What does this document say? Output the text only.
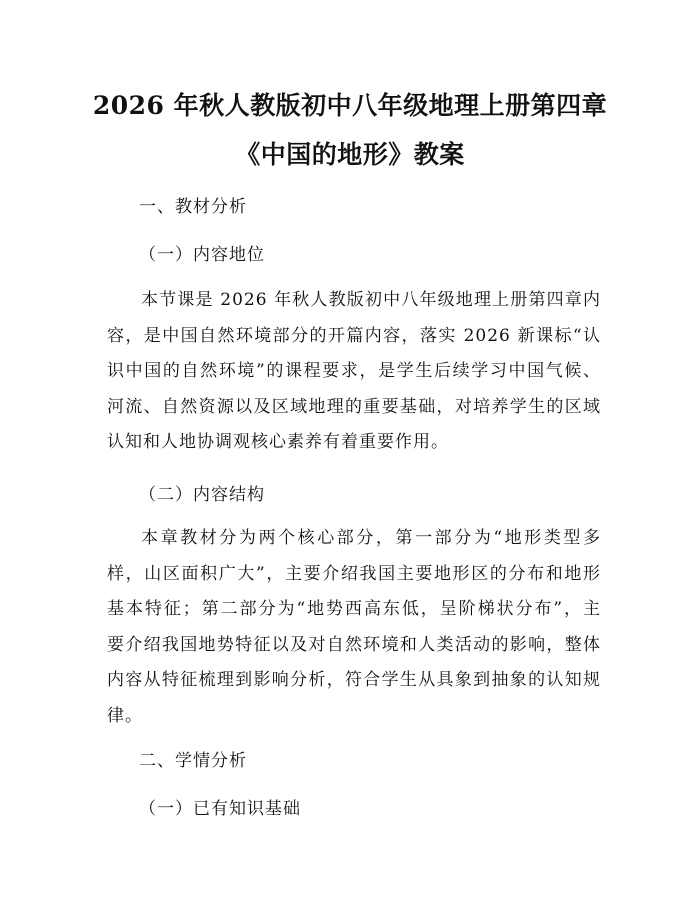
2026 年秋人教版初中八年级地理上册第四章
《中国的地形》教案
一、教材分析
（一）内容地位
本节课是 2026 年秋人教版初中八年级地理上册第四章内
容，是中国自然环境部分的开篇内容，落实 2026 新课标“认
识中国的自然环境”的课程要求，是学生后续学习中国气候、
河流、自然资源以及区域地理的重要基础，对培养学生的区域
认知和人地协调观核心素养有着重要作用。
（二）内容结构
本章教材分为两个核心部分，第一部分为“地形类型多
样，山区面积广大”，主要介绍我国主要地形区的分布和地形
基本特征；第二部分为“地势西高东低，呈阶梯状分布”，主
要介绍我国地势特征以及对自然环境和人类活动的影响，整体
内容从特征梳理到影响分析，符合学生从具象到抽象的认知规
律。
二、学情分析
（一）已有知识基础
